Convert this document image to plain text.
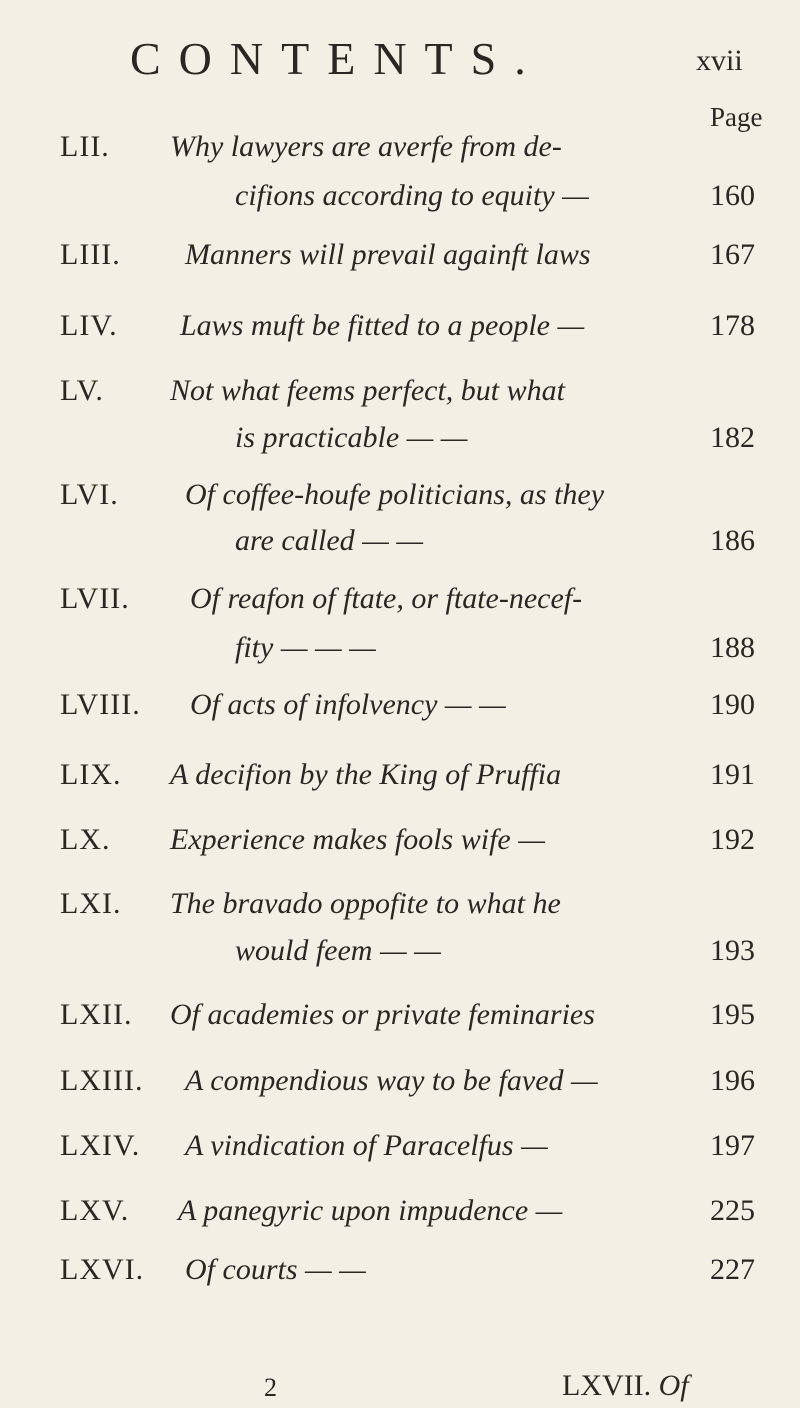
CONTENTS.	xvii
Page
LII. Why lawyers are averfe from de-
cifions according to equity —	160
LIII. Manners will prevail againft laws	167
LIV. Laws muft be fitted to a people —	178
LV. Not what feems perfect, but what
is practicable — —	182
LVI. Of coffee-houfe politicians, as they
are called — —	186
LVII. Of reafon of ftate, or ftate-necef-
fity — — —	188
LVIII. Of acts of infolvency — —	190
LIX. A decifion by the King of Pruffia	191
LX. Experience makes fools wife —	192
LXI. The bravado oppofite to what he
would feem — —	193
LXII. Of academies or private feminaries	195
LXIII. A compendious way to be faved —	196
LXIV. A vindication of Paracelfus —	197
LXV. A panegyric upon impudence —	225
LXVI. Of courts — —	227
2	LXVII. Of
